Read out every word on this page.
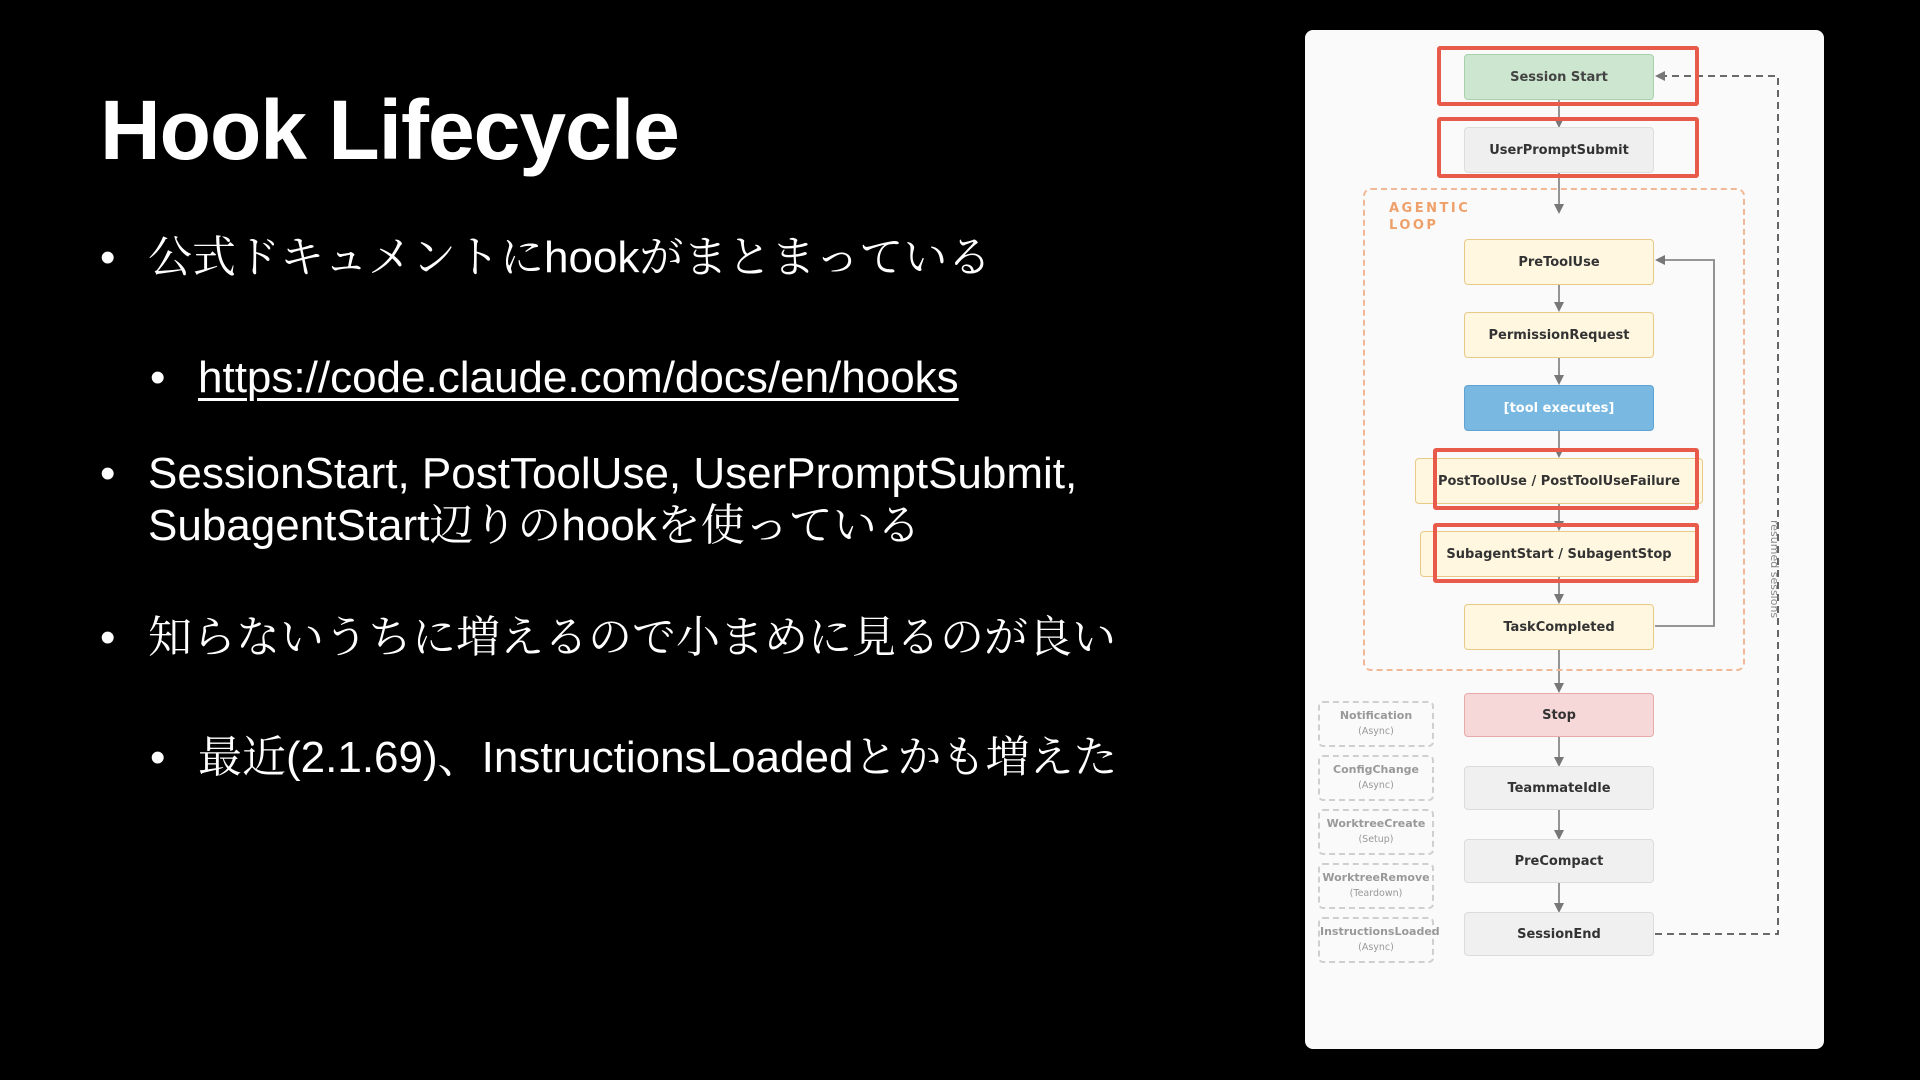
Hook Lifecycle
• 公式ドキュメントにhookがまとまっている
• https://code.claude.com/docs/en/hooks
• SessionStart, PostToolUse, UserPromptSubmit,
SubagentStart辺りのhookを使っている
• 知らないうちに増えるので小まめに見るのが良い
• 最近(2.1.69)、InstructionsLoadedとかも増えた
AGENTIC
LOOP
resumed sessions
Session Start
UserPromptSubmit
PreToolUse
PermissionRequest
[tool executes]
PostToolUse / PostToolUseFailure
SubagentStart / SubagentStop
TaskCompleted
Stop
TeammateIdle
PreCompact
SessionEnd
Notification
(Async)
ConfigChange
(Async)
WorktreeCreate
(Setup)
WorktreeRemove
(Teardown)
InstructionsLoaded
(Async)
